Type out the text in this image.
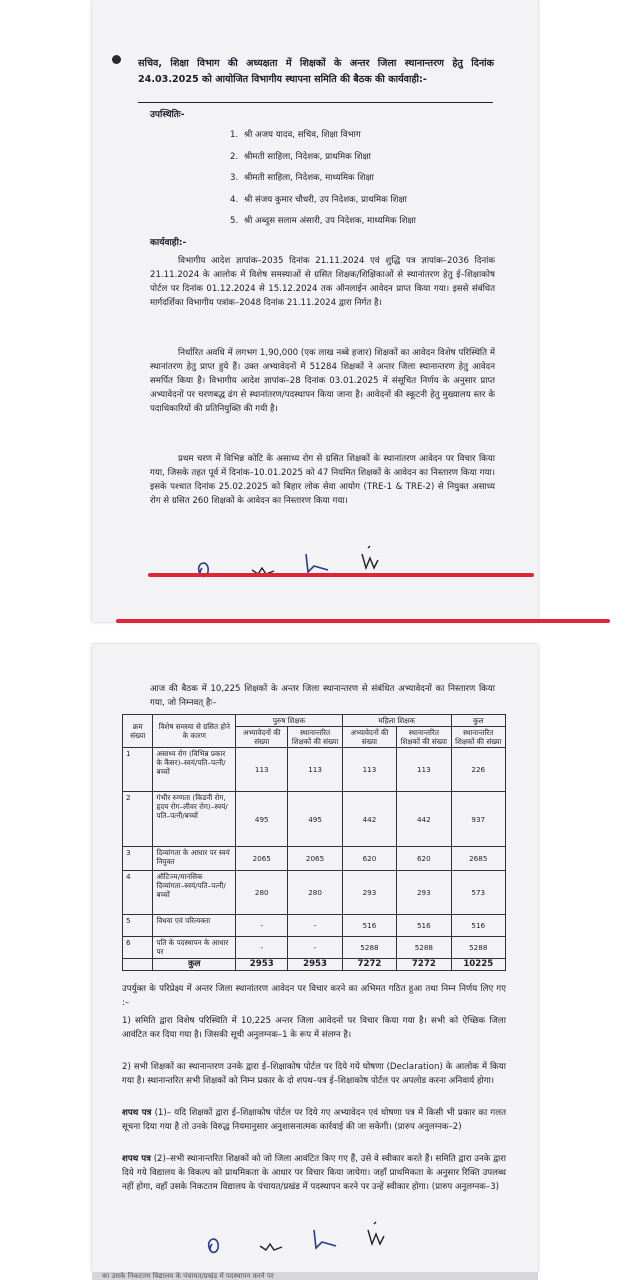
सचिव, शिक्षा विभाग की अध्यक्षता में शिक्षकों के अन्तर जिला स्थानान्तरण हेतु दिनांक 24.03.2025 को आयोजित विभागीय स्थापना समिति की बैठक की कार्यवाही:-
उपस्थितिः-
1. श्री अजय यादव, सचिव, शिक्षा विभाग
2. श्रीमती साहिला, निदेशक, प्राथमिक शिक्षा
3. श्रीमती साहिला, निदेशक, माध्यमिक शिक्षा
4. श्री संजय कुमार चौधरी, उप निदेशक, प्राथमिक शिक्षा
5. श्री अब्दुस सलाम अंसारी, उप निदेशक, माध्यमिक शिक्षा
कार्यवाही:-
विभागीय आदेश ज्ञापांक–2035 दिनांक 21.11.2024 एवं शुद्धि पत्र ज्ञापांक–2036 दिनांक 21.11.2024 के आलोक में विशेष समस्याओं से ग्रसित शिक्षक/शिक्षिकाओं से स्थानांतरण हेतु ई–शिक्षाकोष पोर्टल पर दिनांक 01.12.2024 से 15.12.2024 तक ऑनलाईन आवेदन प्राप्त किया गया। इससे संबंधित मार्गदर्शिका विभागीय पत्रांक–2048 दिनांक 21.11.2024 द्वारा निर्गत है।
निर्धारित अवधि में लगभग 1,90,000 (एक लाख नब्बे हजार) शिक्षकों का आवेदन विशेष परिस्थिति में स्थानांतरण हेतु प्राप्त हुये हैं। उक्त अभ्यावेदनों में 51284 शिक्षकों ने अन्तर जिला स्थानान्तरण हेतु आवेदन समर्पित किया है। विभागीय आदेश ज्ञापांक–28 दिनांक 03.01.2025 में संसूचित निर्णय के अनुसार प्राप्त अभ्यावेदनों पर चरणबद्ध ढंग से स्थानांतरण/पदस्थापन किया जाना है। आवेदनों की स्कूटनी हेतु मुख्यालय स्तर के पदाधिकारियों की प्रतिनियुक्ति की गयी है।
प्रथम चरण में विभिन्न कोटि के असाध्य रोग से ग्रसित शिक्षकों के स्थानांतरण आवेदन पर विचार किया गया, जिसके तहत पूर्व में दिनांक–10.01.2025 को 47 नियमित शिक्षकों के आवेदन का निस्तारण किया गया। इसके पश्चात दिनांक 25.02.2025 को बिहार लोक सेवा आयोग (TRE-1 & TRE-2) से नियुक्त असाध्य रोग से ग्रसित 260 शिक्षकों के आवेदन का निस्तारण किया गया।
आज की बैठक में 10,225 शिक्षकों के अन्तर जिला स्थानान्तरण से संबंधित अभ्यावेदनों का निस्तारण किया गया, जो निम्नवत् हैः–
क्रम संख्या	विशेष समस्या से ग्रसित होने के कारण	पुरुष शिक्षक		महिला शिक्षक		कुल
		अभ्यावेदनों की संख्या	स्थानान्तरित शिक्षकों की संख्या	अभ्यावेदनों की संख्या	स्थानान्तरित शिक्षकों की संख्या	स्थानान्तरित शिक्षकों की संख्या
1	असाध्य रोग (विभिन्न प्रकार के कैंसर)–स्वयं/पति–पत्नी/बच्चों	113	113	113	113	226
2	गंभीर रुग्णता (किडनी रोग, हृदय रोग–लीवर रोग)–स्वयं/पति–पत्नी/बच्चों	495	495	442	442	937
3	दिव्यांगता के आधार पर स्वयं नियुक्त	2065	2065	620	620	2685
4	ऑटिज्म/मानसिक दिव्यांगता–स्वयं/पति–पत्नी/बच्चों	280	280	293	293	573
5	विधवा एवं परित्यक्ता	-	-	516	516	516
6	पति के पदस्थापन के आधार पर	-	-	5288	5288	5288
	कुल	2953	2953	7272	7272	10225
उपर्युक्त के परिप्रेक्ष्य में अन्तर जिला स्थानांतरण आवेदन पर विचार करने का अभिमत गठित हुआ तथा निम्न निर्णय लिए गए :–
1) समिति द्वारा विशेष परिस्थिति में 10,225 अन्तर जिला आवेदनों पर विचार किया गया है। सभी को ऐच्छिक जिला आवंटित कर दिया गया है। जिसकी सूची अनुलग्नक–1 के रूप में संलग्न है।
2) सभी शिक्षकों का स्थानान्तरण उनके द्वारा ई–शिक्षाकोष पोर्टल पर दिये गये घोषणा (Declaration) के आलोक में किया गया है। स्थानान्तरित सभी शिक्षकों को निम्न प्रकार के दो शपथ–पत्र ई–शिक्षाकोष पोर्टल पर अपलोड करना अनिवार्य होगा।
शपथ पत्र (1)– यदि शिक्षकों द्वारा ई–शिक्षाकोष पोर्टल पर दिये गए अभ्यावेदन एवं घोषणा पत्र में किसी भी प्रकार का गलत सूचना दिया गया है तो उनके विरुद्ध नियमानुसार अनुशासनात्मक कार्रवाई की जा सकेगी। (प्रारुप अनुलग्नक–2)
शपथ पत्र (2)–सभी स्थानान्तरित शिक्षकों को जो जिला आवंटित किए गए हैं, उसे वे स्वीकार करते हैं। समिति द्वारा उनके द्वारा दिये गये विद्यालय के विकल्प को प्राथमिकता के आधार पर विचार किया जायेगा। जहाँ प्राथमिकता के अनुसार रिक्ति उपलब्ध नहीं होगा, वहाँ उसके निकटतम विद्यालय के पंचायत/प्रखंड में पदस्थापन करने पर उन्हें स्वीकार होगा। (प्रारुप अनुलग्नक–3)
का उसके निकटतम विद्यालय के पंचायत/प्रखंड में पदस्थापन करने पर
